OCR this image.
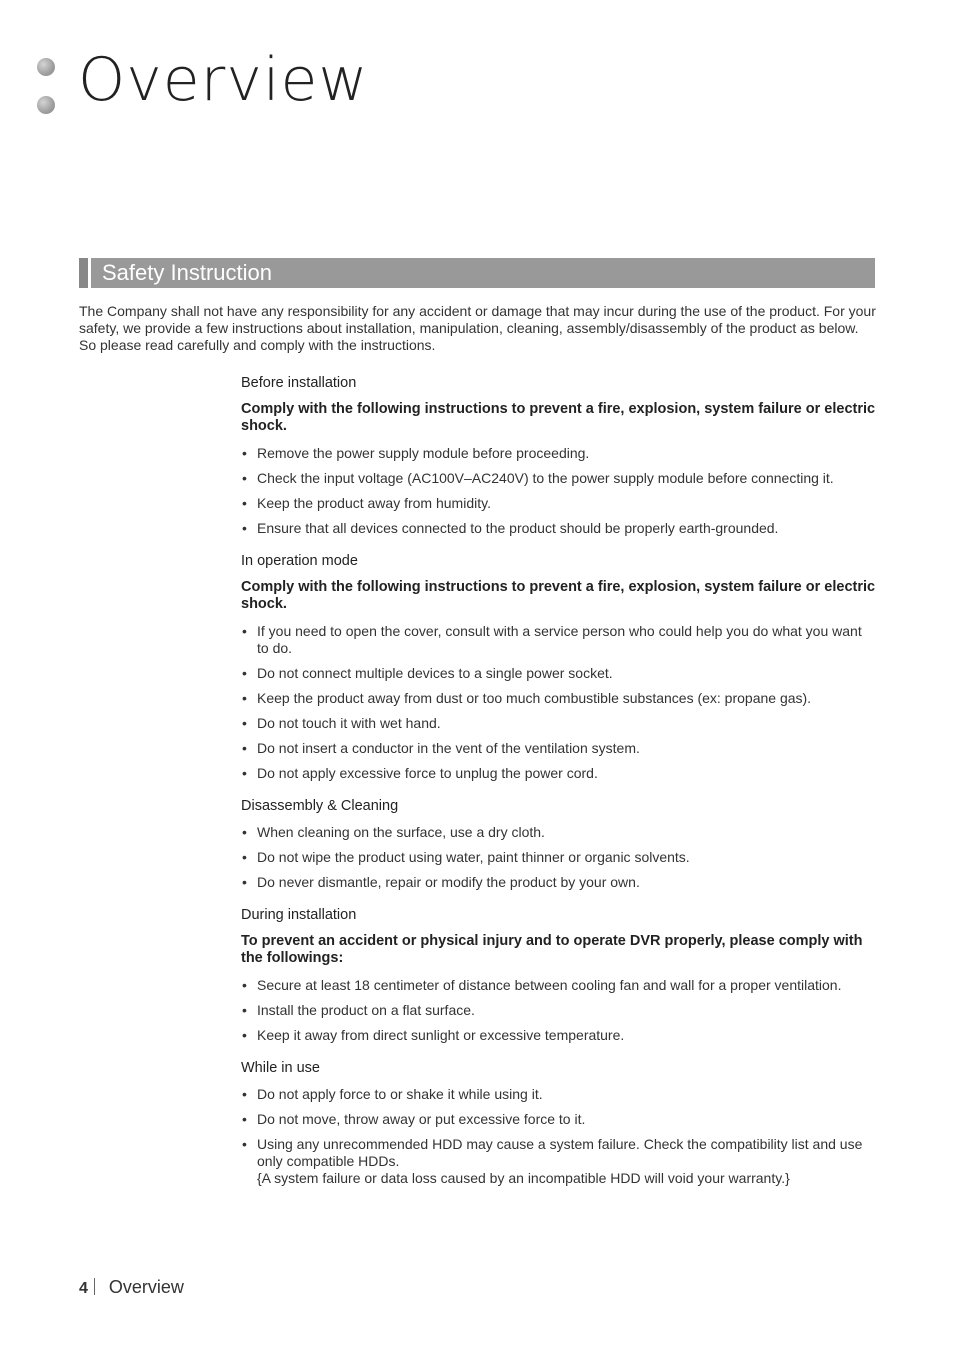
Overview
Safety Instruction

The Company shall not have any responsibility for any accident or damage that may incur during the use of the product. For your safety, we provide a few instructions about installation, manipulation, cleaning, assembly/disassembly of the product as below. So please read carefully and comply with the instructions.

Before installation

Comply with the following instructions to prevent a fire, explosion, system failure or electric shock.

• Remove the power supply module before proceeding.
• Check the input voltage (AC100V–AC240V) to the power supply module before connecting it.
• Keep the product away from humidity.
• Ensure that all devices connected to the product should be properly earth-grounded.

In operation mode

Comply with the following instructions to prevent a fire, explosion, system failure or electric shock.

• If you need to open the cover, consult with a service person who could help you do what you want to do.
• Do not connect multiple devices to a single power socket.
• Keep the product away from dust or too much combustible substances (ex: propane gas).
• Do not touch it with wet hand.
• Do not insert a conductor in the vent of the ventilation system.
• Do not apply excessive force to unplug the power cord.

Disassembly & Cleaning

• When cleaning on the surface, use a dry cloth.
• Do not wipe the product using water, paint thinner or organic solvents.
• Do never dismantle, repair or modify the product by your own.

During installation

To prevent an accident or physical injury and to operate DVR properly, please comply with the followings:

• Secure at least 18 centimeter of distance between cooling fan and wall for a proper ventilation.
• Install the product on a flat surface.
• Keep it away from direct sunlight or excessive temperature.

While in use

• Do not apply force to or shake it while using it.
• Do not move, throw away or put excessive force to it.
• Using any unrecommended HDD may cause a system failure. Check the compatibility list and use only compatible HDDs.
{A system failure or data loss caused by an incompatible HDD will void your warranty.}
4 Overview
